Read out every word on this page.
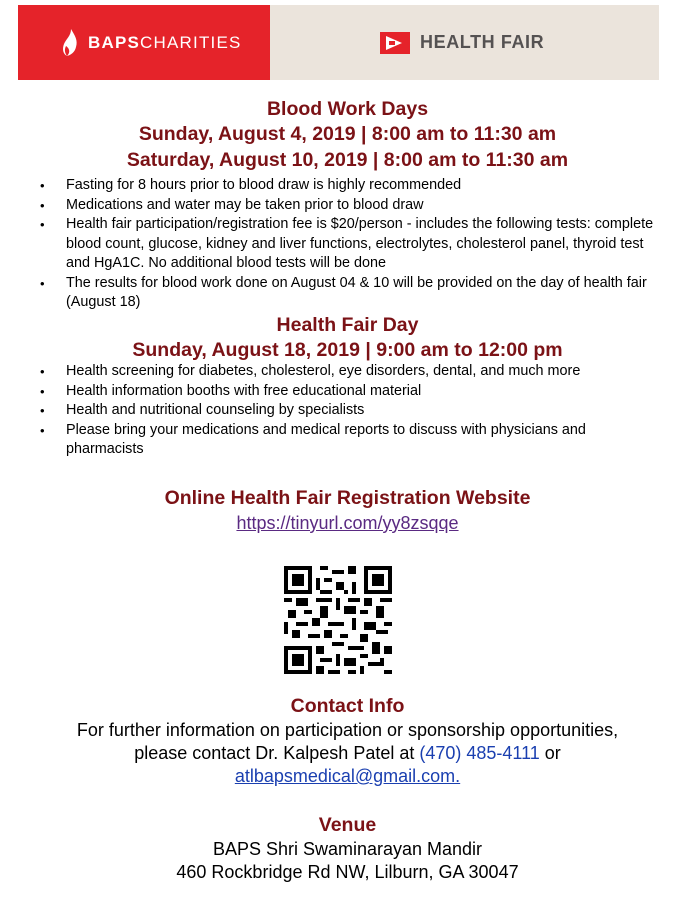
BAPSCHARITIES	HEALTH FAIR
Blood Work Days
Sunday, August 4, 2019 | 8:00 am to 11:30 am
Saturday, August 10, 2019 | 8:00 am to 11:30 am
• Fasting for 8 hours prior to blood draw is highly recommended
• Medications and water may be taken prior to blood draw
• Health fair participation/registration fee is $20/person - includes the following tests: complete blood count, glucose, kidney and liver functions, electrolytes, cholesterol panel, thyroid test and HgA1C. No additional blood tests will be done
• The results for blood work done on August 04 & 10 will be provided on the day of health fair (August 18)
Health Fair Day
Sunday, August 18, 2019 | 9:00 am to 12:00 pm
• Health screening for diabetes, cholesterol, eye disorders, dental, and much more
• Health information booths with free educational material
• Health and nutritional counseling by specialists
• Please bring your medications and medical reports to discuss with physicians and pharmacists
Online Health Fair Registration Website
https://tinyurl.com/yy8zsqqe
Contact Info
For further information on participation or sponsorship opportunities,
please contact Dr. Kalpesh Patel at (470) 485-4111 or
atlbapsmedical@gmail.com.
Venue
BAPS Shri Swaminarayan Mandir
460 Rockbridge Rd NW, Lilburn, GA 30047
